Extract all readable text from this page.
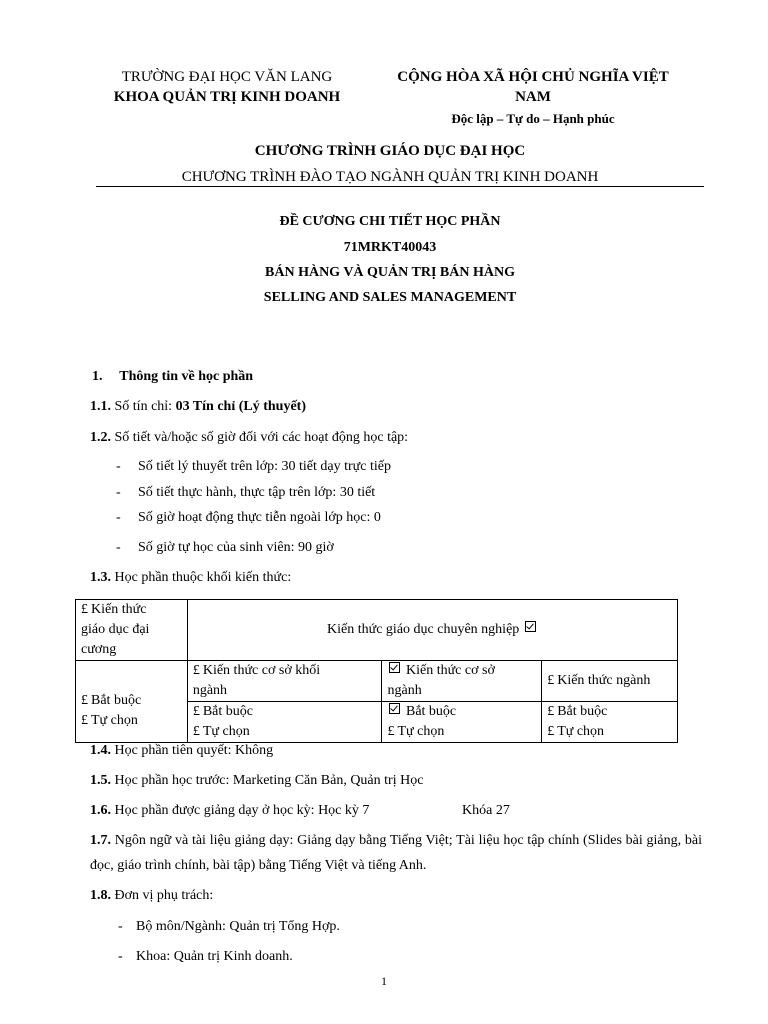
TRƯỜNG ĐẠI HỌC VĂN LANG
KHOA QUẢN TRỊ KINH DOANH
CỘNG HÒA XÃ HỘI CHỦ NGHĨA VIỆT
NAM
Độc lập – Tự do – Hạnh phúc
CHƯƠNG TRÌNH GIÁO DỤC ĐẠI HỌC
CHƯƠNG TRÌNH ĐÀO TẠO NGÀNH QUẢN TRỊ KINH DOANH
ĐỀ CƯƠNG CHI TIẾT HỌC PHẦN
71MRKT40043
BÁN HÀNG VÀ QUẢN TRỊ BÁN HÀNG
SELLING AND SALES MANAGEMENT
1. Thông tin về học phần
1.1. Số tín chỉ: 03 Tín chỉ (Lý thuyết)
1.2. Số tiết và/hoặc số giờ đối với các hoạt động học tập:
- Số tiết lý thuyết trên lớp: 30 tiết dạy trực tiếp
- Số tiết thực hành, thực tập trên lớp: 30 tiết
- Số giờ hoạt động thực tiễn ngoài lớp học: 0
- Số giờ tự học của sinh viên: 90 giờ
1.3. Học phần thuộc khối kiến thức:
£ Kiến thức
giáo dục đại
cương	Kiến thức giáo dục chuyên nghiệp		
£ Bắt buộc
£ Tự chọn	£ Kiến thức cơ sở khối
ngành	Kiến thức cơ sở
ngành	£ Kiến thức ngành
	£ Bắt buộc
£ Tự chọn	Bắt buộc
£ Tự chọn	£ Bắt buộc
£ Tự chọn
1.4. Học phần tiên quyết: Không
1.5. Học phần học trước: Marketing Căn Bản, Quản trị Học
1.6. Học phần được giảng dạy ở học kỳ: Học kỳ 7	Khóa 27
1.7. Ngôn ngữ và tài liệu giảng dạy: Giảng dạy bằng Tiếng Việt; Tài liệu học tập chính (Slides bài giảng, bài đọc, giáo trình chính, bài tập) bằng Tiếng Việt và tiếng Anh.
1.8. Đơn vị phụ trách:
- Bộ môn/Ngành: Quản trị Tổng Hợp.
- Khoa: Quản trị Kinh doanh.
1
